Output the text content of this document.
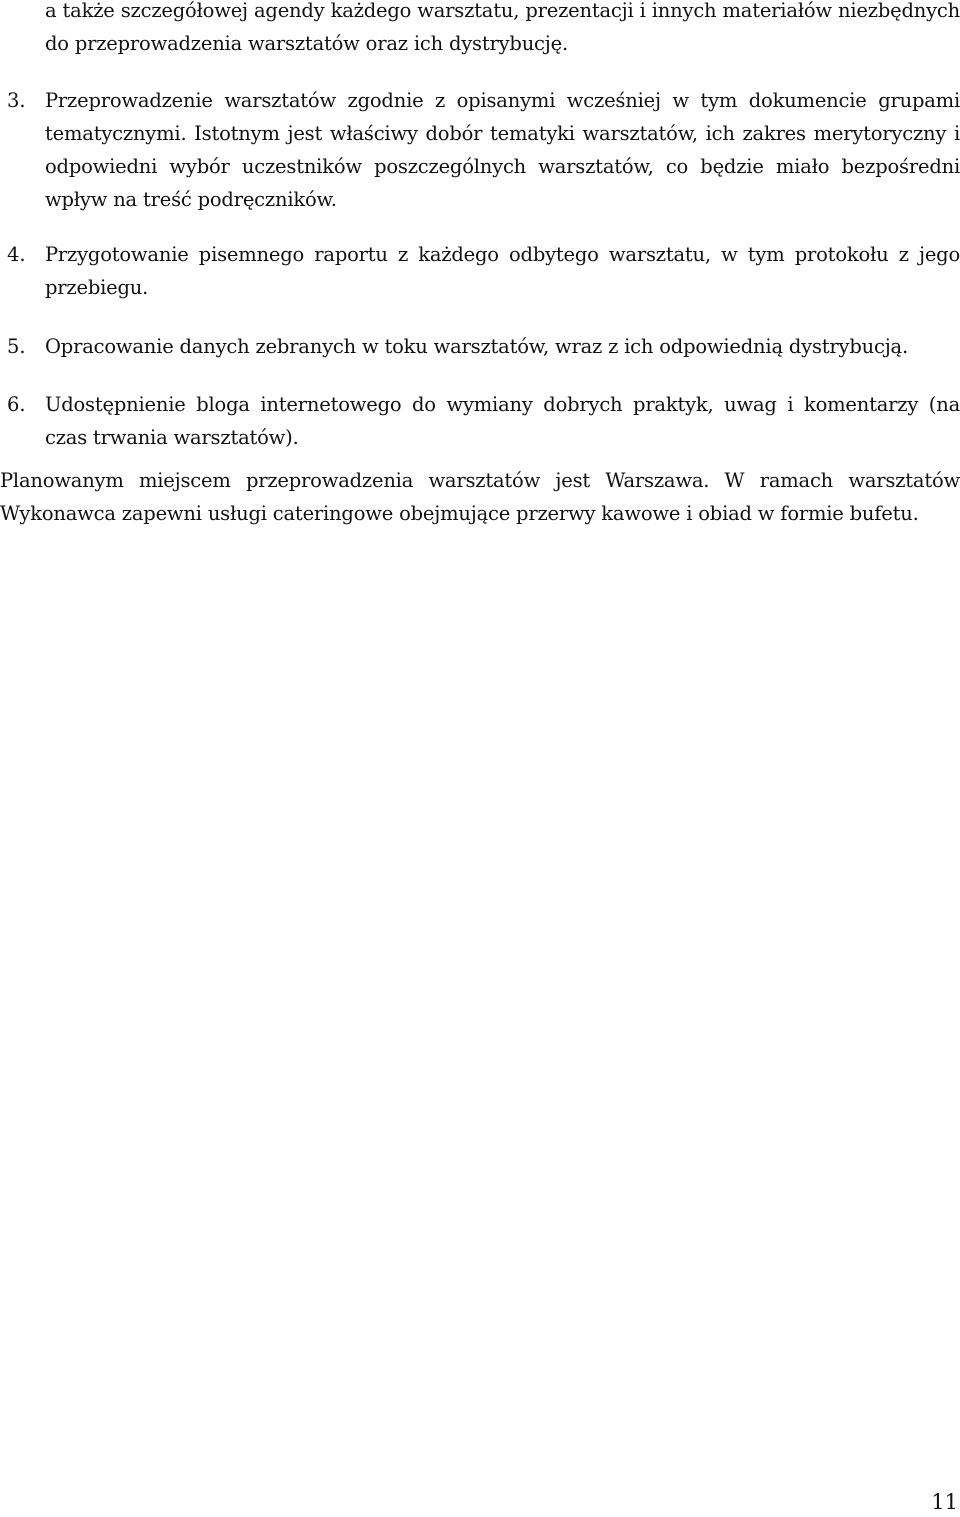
a także szczegółowej agendy każdego warsztatu, prezentacji i innych materiałów niezbędnych do przeprowadzenia warsztatów oraz ich dystrybucję.
3. Przeprowadzenie warsztatów zgodnie z opisanymi wcześniej w tym dokumencie grupami tematycznymi. Istotnym jest właściwy dobór tematyki warsztatów, ich zakres merytoryczny i odpowiedni wybór uczestników poszczególnych warsztatów, co będzie miało bezpośredni wpływ na treść podręczników.
4. Przygotowanie pisemnego raportu z każdego odbytego warsztatu, w tym protokołu z jego przebiegu.
5. Opracowanie danych zebranych w toku warsztatów, wraz z ich odpowiednią dystrybucją.
6. Udostępnienie bloga internetowego do wymiany dobrych praktyk, uwag i komentarzy (na czas trwania warsztatów).
Planowanym miejscem przeprowadzenia warsztatów jest Warszawa. W ramach warsztatów Wykonawca zapewni usługi cateringowe obejmujące przerwy kawowe i obiad w formie bufetu.
11
